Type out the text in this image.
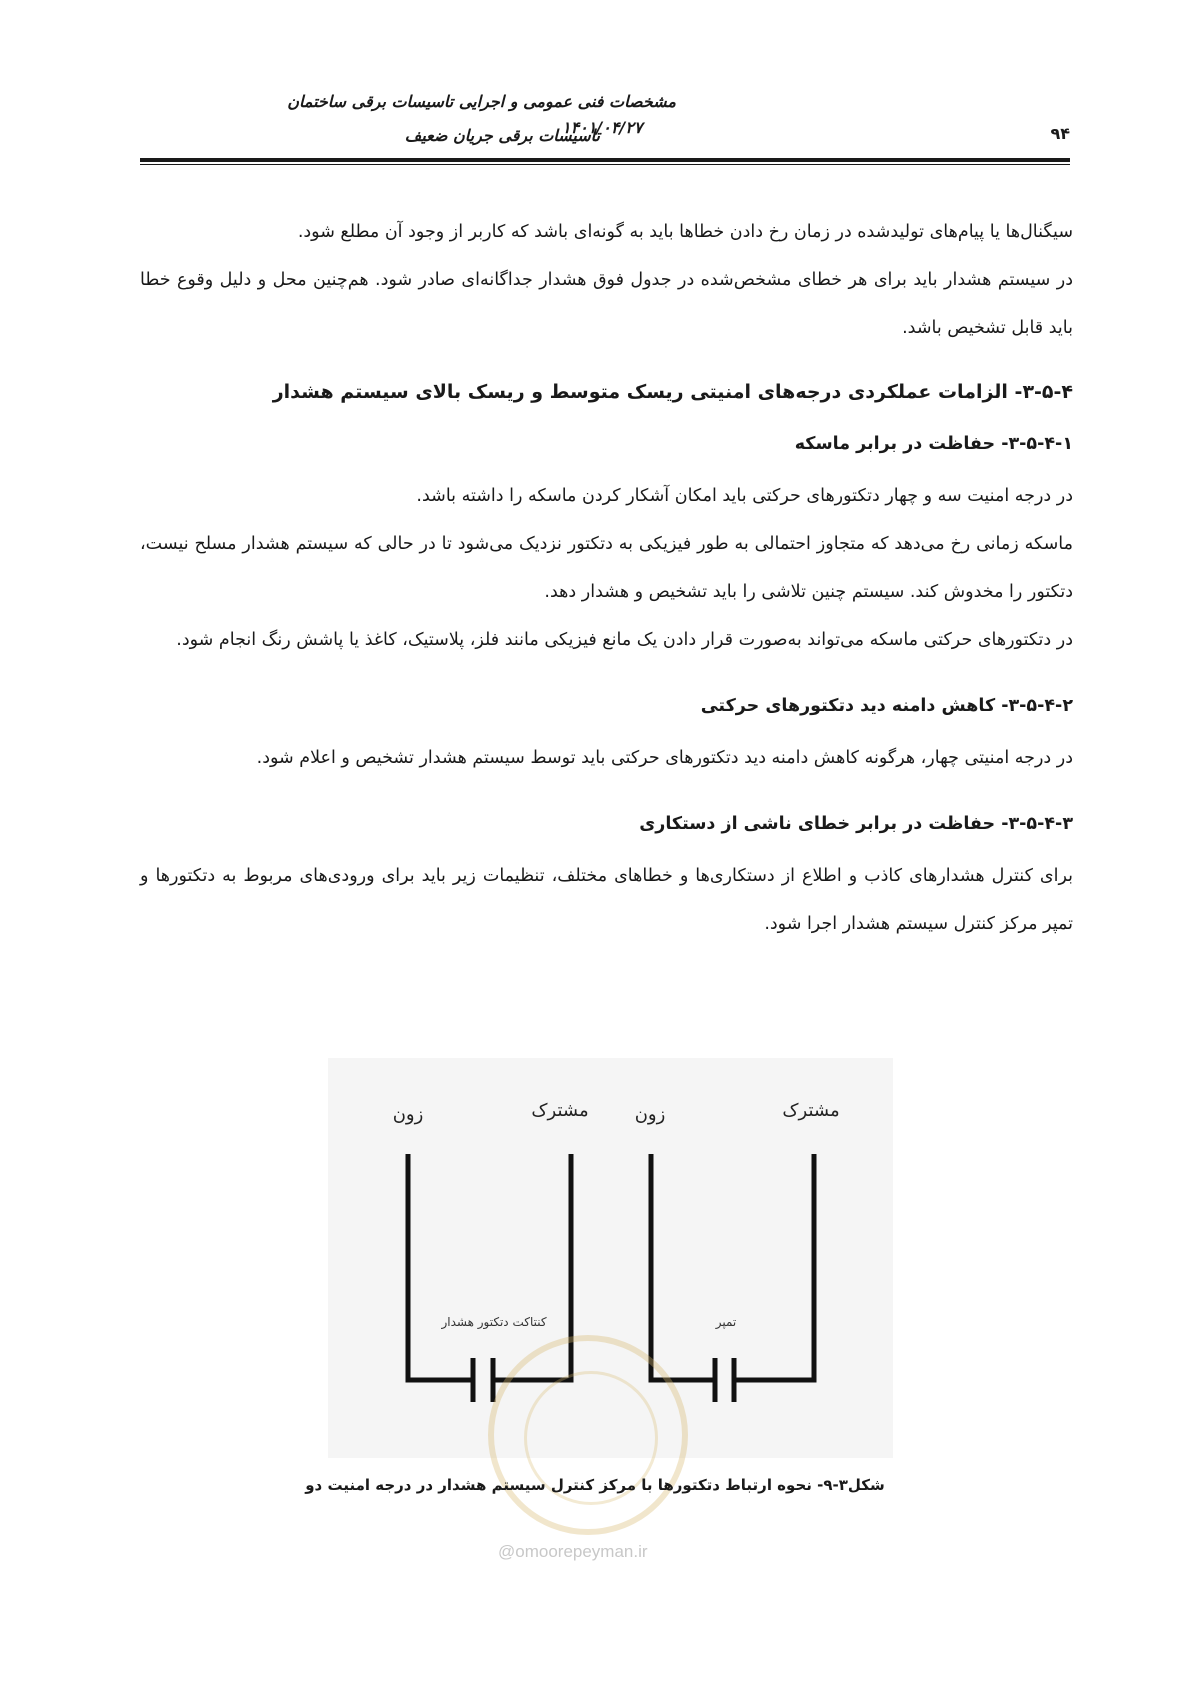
مشخصات فنی عمومی و اجرایی تاسیسات برقی ساختمان
تاسیسات برقی جریان ضعیف
۱۴۰۱/۰۴/۲۷	۹۴

سیگنال‌ها یا پیام‌های تولیدشده در زمان رخ دادن خطاها باید به گونه‌ای باشد که کاربر از وجود آن مطلع شود.

در سیستم هشدار باید برای هر خطای مشخص‌شده در جدول فوق هشدار جداگانه‌ای صادر شود. هم‌چنین محل و دلیل وقوع خطا باید قابل تشخیص باشد.

۳-۵-۴- الزامات عملکردی درجه‌های امنیتی ریسک متوسط و ریسک بالای سیستم هشدار
۳-۵-۴-۱- حفاظت در برابر ماسکه

در درجه امنیت سه و چهار دتکتورهای حرکتی باید امکان آشکار کردن ماسکه را داشته باشد.

ماسکه زمانی رخ می‌دهد که متجاوز احتمالی به طور فیزیکی به دتکتور نزدیک می‌شود تا در حالی که سیستم هشدار مسلح نیست، دتکتور را مخدوش کند. سیستم چنین تلاشی را باید تشخیص و هشدار دهد.

در دتکتورهای حرکتی ماسکه می‌تواند به‌صورت قرار دادن یک مانع فیزیکی مانند فلز، پلاستیک، کاغذ یا پاشش رنگ انجام شود.

۳-۵-۴-۲- کاهش دامنه دید دتکتورهای حرکتی

در درجه امنیتی چهار، هرگونه کاهش دامنه دید دتکتورهای حرکتی باید توسط سیستم هشدار تشخیص و اعلام شود.

۳-۵-۴-۳- حفاظت در برابر خطای ناشی از دستکاری

برای کنترل هشدارهای کاذب و اطلاع از دستکاری‌ها و خطاهای مختلف، تنظیمات زیر باید برای ورودی‌های مربوط به دتکتورها و تمپر مرکز کنترل سیستم هشدار اجرا شود.

زون	مشترک	زون	مشترک
کنتاکت دتکتور هشدار	تمپر
شکل۳-۹- نحوه ارتباط دتکتورها با مرکز کنترل سیستم هشدار در درجه امنیت دو
@omoorepeyman.ir
